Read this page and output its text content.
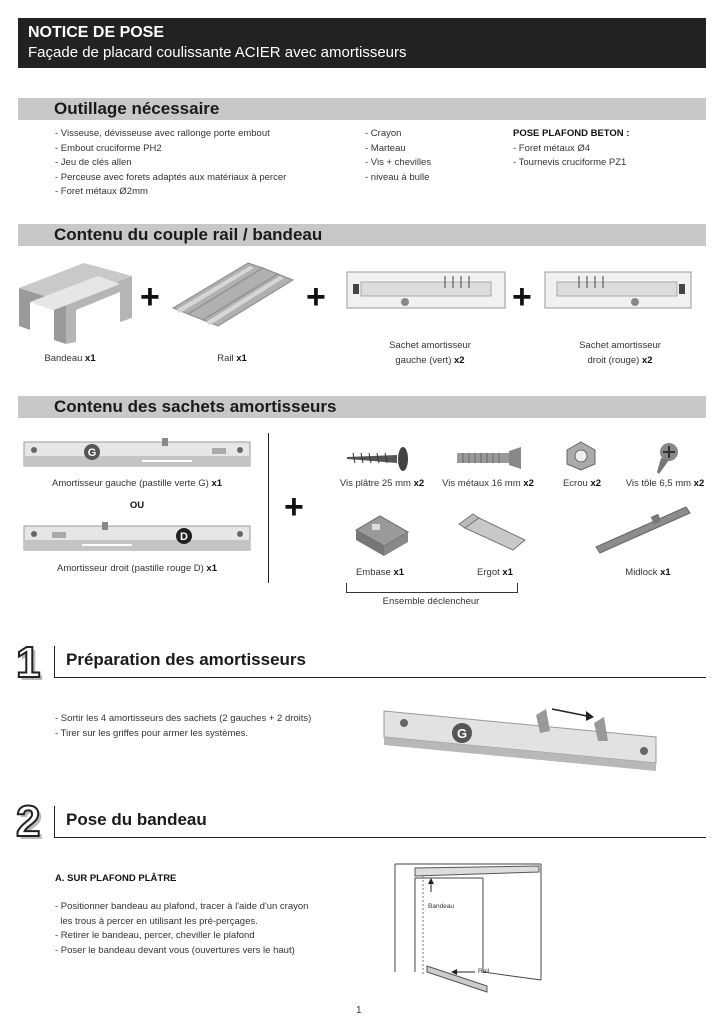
NOTICE DE POSE
Façade de placard coulissante ACIER avec amortisseurs
Outillage nécessaire

- Visseuse, dévisseuse avec rallonge porte embout

- Embout cruciforme PH2

- Jeu de clés allen

- Perceuse avec forets adaptés aux matériaux à percer

- Foret métaux Ø2mm

- Crayon

- Marteau

- Vis + chevilles

- niveau à bulle

POSE PLAFOND BETON :

- Foret métaux Ø4

- Tournevis cruciforme PZ1

Contenu du couple rail / bandeau
+	+	+
Bandeau x1	Rail x1
Sachet amortisseur
gauche (vert) x2
Sachet amortisseur
droit (rouge) x2
Contenu des sachets amortisseurs
G
Amortisseur gauche (pastille verte G) x1
OU
D
Amortisseur droit (pastille rouge D) x1
+
Vis plâtre 25 mm x2	Vis métaux 16 mm x2	Ecrou x2	Vis tôle 6,5 mm x2
Embase x1	Ergot x1	Midlock x1
Ensemble déclencheur
1 Préparation des amortisseurs

- Sortir les 4 amortisseurs des sachets (2 gauches + 2 droits)

- Tirer sur les griffes pour armer les systèmes.	G
2 Pose du bandeau
A. SUR PLAFOND PLÂTRE

- Positionner bandeau au plafond, tracer à l'aide d'un crayon

les trous à percer en utilisant les pré-perçages.

- Retirer le bandeau, percer, cheviller le plafond

- Poser le bandeau devant vous (ouvertures vers le haut)

Bandeau
Rail
1
